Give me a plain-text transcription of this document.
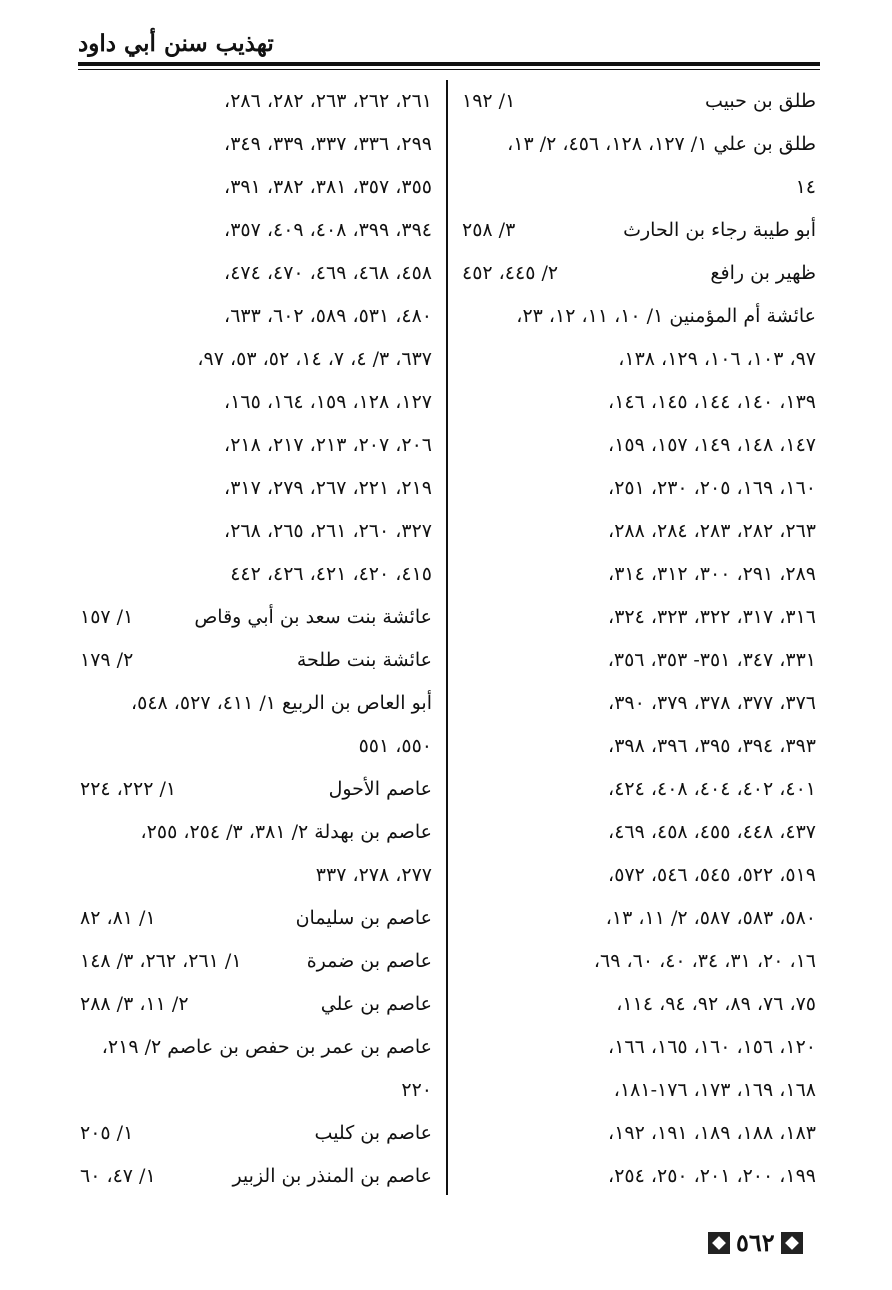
تهذيب سنن أبي داود
طلق بن حبيب
١/ ١٩٢
طلق بن علي ١/ ١٢٧، ١٢٨، ٤٥٦، ٢/ ١٣،
١٤
أبو طيبة رجاء بن الحارث
٣/ ٢٥٨
ظهير بن رافع
٢/ ٤٤٥، ٤٥٢
عائشة أم المؤمنين ١/ ١٠، ١١، ١٢، ٢٣،
٩٧، ١٠٣، ١٠٦، ١٢٩، ١٣٨،
١٣٩، ١٤٠، ١٤٤، ١٤٥، ١٤٦،
١٤٧، ١٤٨، ١٤٩، ١٥٧، ١٥٩،
١٦٠، ١٦٩، ٢٠٥، ٢٣٠، ٢٥١،
٢٦٣، ٢٨٢، ٢٨٣، ٢٨٤، ٢٨٨،
٢٨٩، ٢٩١، ٣٠٠، ٣١٢، ٣١٤،
٣١٦، ٣١٧، ٣٢٢، ٣٢٣، ٣٢٤،
٣٣١، ٣٤٧، ٣٥١- ٣٥٣، ٣٥٦،
٣٧٦، ٣٧٧، ٣٧٨، ٣٧٩، ٣٩٠،
٣٩٣، ٣٩٤، ٣٩٥، ٣٩٦، ٣٩٨،
٤٠١، ٤٠٢، ٤٠٤، ٤٠٨، ٤٢٤،
٤٣٧، ٤٤٨، ٤٥٥، ٤٥٨، ٤٦٩،
٥١٩، ٥٢٢، ٥٤٥، ٥٤٦، ٥٧٢،
٥٨٠، ٥٨٣، ٥٨٧، ٢/ ١١، ١٣،
١٦، ٢٠، ٣١، ٣٤، ٤٠، ٦٠، ٦٩،
٧٥، ٧٦، ٨٩، ٩٢، ٩٤، ١١٤،
١٢٠، ١٥٦، ١٦٠، ١٦٥، ١٦٦،
١٦٨، ١٦٩، ١٧٣، ١٧٦-١٨١،
١٨٣، ١٨٨، ١٨٩، ١٩١، ١٩٢،
١٩٩، ٢٠٠، ٢٠١، ٢٥٠، ٢٥٤،
٢٦١، ٢٦٢، ٢٦٣، ٢٨٢، ٢٨٦،
٢٩٩، ٣٣٦، ٣٣٧، ٣٣٩، ٣٤٩،
٣٥٥، ٣٥٧، ٣٨١، ٣٨٢، ٣٩١،
٣٩٤، ٣٩٩، ٤٠٨، ٤٠٩، ٣٥٧،
٤٥٨، ٤٦٨، ٤٦٩، ٤٧٠، ٤٧٤،
٤٨٠، ٥٣١، ٥٨٩، ٦٠٢، ٦٣٣،
٦٣٧، ٣/ ٤، ٧، ١٤، ٥٢، ٥٣، ٩٧،
١٢٧، ١٢٨، ١٥٩، ١٦٤، ١٦٥،
٢٠٦، ٢٠٧، ٢١٣، ٢١٧، ٢١٨،
٢١٩، ٢٢١، ٢٦٧، ٢٧٩، ٣١٧،
٣٢٧، ٢٦٠، ٢٦١، ٢٦٥، ٢٦٨،
٤١٥، ٤٢٠، ٤٢١، ٤٢٦، ٤٤٢
عائشة بنت سعد بن أبي وقاص
١/ ١٥٧
عائشة بنت طلحة
٢/ ١٧٩
أبو العاص بن الربيع ١/ ٤١١، ٥٢٧، ٥٤٨،
٥٥٠، ٥٥١
عاصم الأحول
١/ ٢٢٢، ٢٢٤
عاصم بن بهدلة ٢/ ٣٨١، ٣/ ٢٥٤، ٢٥٥،
٢٧٧، ٢٧٨، ٣٣٧
عاصم بن سليمان
١/ ٨١، ٨٢
عاصم بن ضمرة
١/ ٢٦١، ٢٦٢، ٣/ ١٤٨
عاصم بن علي
٢/ ١١، ٣/ ٢٨٨
عاصم بن عمر بن حفص بن عاصم ٢/ ٢١٩،
٢٢٠
عاصم بن كليب
١/ ٢٠٥
عاصم بن المنذر بن الزبير
١/ ٤٧، ٦٠
٥٦٢
